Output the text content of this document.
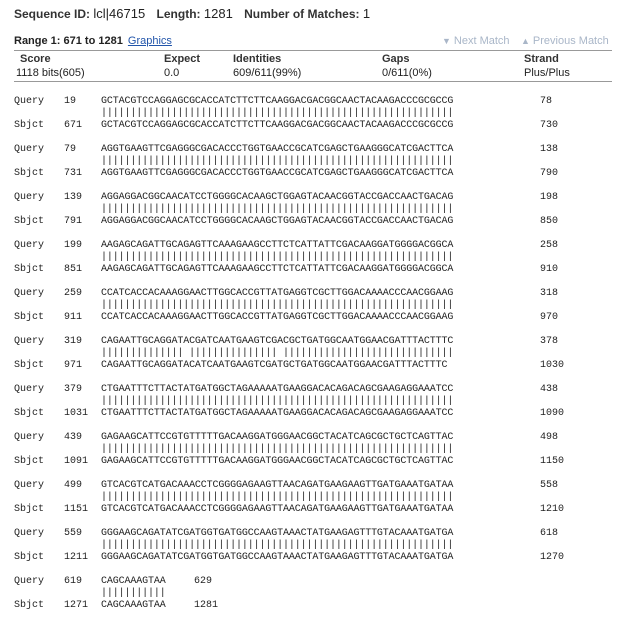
Sequence ID: lcl|46715 Length: 1281 Number of Matches: 1
Range 1: 671 to 1281 Graphics	▼ Next Match ▲ Previous Match
Score	Expect	Identities	Gaps	Strand
1118 bits(605)	0.0	609/611(99%)	0/611(0%)	Plus/Plus
Query	19 GCTACGTCCAGGAGCGCACCATCTTCTTCAAGGACGACGGCAACTACAAGACCCGCGCCG	78
||||||||||||||||||||||||||||||||||||||||||||||||||||||||||||
Sbjct	671 GCTACGTCCAGGAGCGCACCATCTTCTTCAAGGACGACGGCAACTACAAGACCCGCGCCG	730
Query	79 AGGTGAAGTTCGAGGGCGACACCCTGGTGAACCGCATCGAGCTGAAGGGCATCGACTTCA	138
||||||||||||||||||||||||||||||||||||||||||||||||||||||||||||
Sbjct	731 AGGTGAAGTTCGAGGGCGACACCCTGGTGAACCGCATCGAGCTGAAGGGCATCGACTTCA	790
Query	139 AGGAGGACGGCAACATCCTGGGGCACAAGCTGGAGTACAACGGTACCGACCAACTGACAG	198
||||||||||||||||||||||||||||||||||||||||||||||||||||||||||||
Sbjct	791 AGGAGGACGGCAACATCCTGGGGCACAAGCTGGAGTACAACGGTACCGACCAACTGACAG	850
Query	199 AAGAGCAGATTGCAGAGTTCAAAGAAGCCTTCTCATTATTCGACAAGGATGGGGACGGCA	258
||||||||||||||||||||||||||||||||||||||||||||||||||||||||||||
Sbjct	851 AAGAGCAGATTGCAGAGTTCAAAGAAGCCTTCTCATTATTCGACAAGGATGGGGACGGCA	910
Query	259 CCATCACCACAAAGGAACTTGGCACCGTTATGAGGTCGCTTGGACAAAACCCAACGGAAG	318
||||||||||||||||||||||||||||||||||||||||||||||||||||||||||||
Sbjct	911 CCATCACCACAAAGGAACTTGGCACCGTTATGAGGTCGCTTGGACAAAACCCAACGGAAG	970
Query	319 CAGAATTGCAGGATACGATCAATGAAGTCGACGCTGATGGCAATGGAACGATTTACTTTC	378
|||||||||||||| ||||||||||||||| |||||||||||||||||||||||||||||
Sbjct	971 CAGAATTGCAGGATACATCAATGAAGTCGATGCTGATGGCAATGGAACGATTTACTTTC	1030
Query	379 CTGAATTTCTTACTATGATGGCTAGAAAAATGAAGGACACAGACAGCGAAGAGGAAATCC	438
||||||||||||||||||||||||||||||||||||||||||||||||||||||||||||
Sbjct	1031 CTGAATTTCTTACTATGATGGCTAGAAAAATGAAGGACACAGACAGCGAAGAGGAAATCC	1090
Query	439 GAGAAGCATTCCGTGTTTTTGACAAGGATGGGAACGGCTACATCAGCGCTGCTCAGTTAC	498
||||||||||||||||||||||||||||||||||||||||||||||||||||||||||||
Sbjct	1091 GAGAAGCATTCCGTGTTTTTGACAAGGATGGGAACGGCTACATCAGCGCTGCTCAGTTAC	1150
Query	499 GTCACGTCATGACAAACCTCGGGGAGAAGTTAACAGATGAAGAAGTTGATGAAATGATAA	558
||||||||||||||||||||||||||||||||||||||||||||||||||||||||||||
Sbjct	1151 GTCACGTCATGACAAACCTCGGGGAGAAGTTAACAGATGAAGAAGTTGATGAAATGATAA	1210
Query	559 GGGAAGCAGATATCGATGGTGATGGCCAAGTAAACTATGAAGAGTTTGTACAAATGATGA	618
||||||||||||||||||||||||||||||||||||||||||||||||||||||||||||
Sbjct	1211 GGGAAGCAGATATCGATGGTGATGGCCAAGTAAACTATGAAGAGTTTGTACAAATGATGA	1270
Query	619 CAGCAAAGTAA	629
|||||||||||
Sbjct	1271 CAGCAAAGTAA	1281
